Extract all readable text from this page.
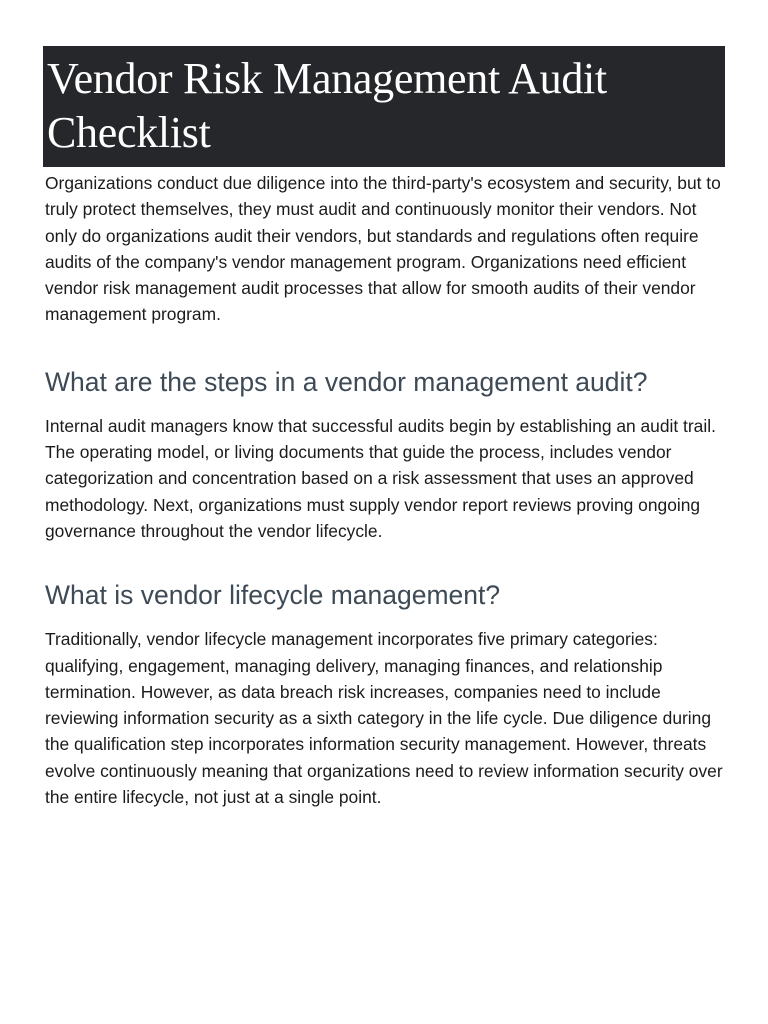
Vendor Risk Management Audit Checklist

Organizations conduct due diligence into the third-party's ecosystem and security, but to truly protect themselves, they must audit and continuously monitor their vendors. Not only do organizations audit their vendors, but standards and regulations often require audits of the company's vendor management program. Organizations need efficient vendor risk management audit processes that allow for smooth audits of their vendor management program.

What are the steps in a vendor management audit?

Internal audit managers know that successful audits begin by establishing an audit trail. The operating model, or living documents that guide the process, includes vendor categorization and concentration based on a risk assessment that uses an approved methodology. Next, organizations must supply vendor report reviews proving ongoing governance throughout the vendor lifecycle.

What is vendor lifecycle management?

Traditionally, vendor lifecycle management incorporates five primary categories: qualifying, engagement, managing delivery, managing finances, and relationship termination. However, as data breach risk increases, companies need to include reviewing information security as a sixth category in the life cycle. Due diligence during the qualification step incorporates information security management. However, threats evolve continuously meaning that organizations need to review information security over the entire lifecycle, not just at a single point.
